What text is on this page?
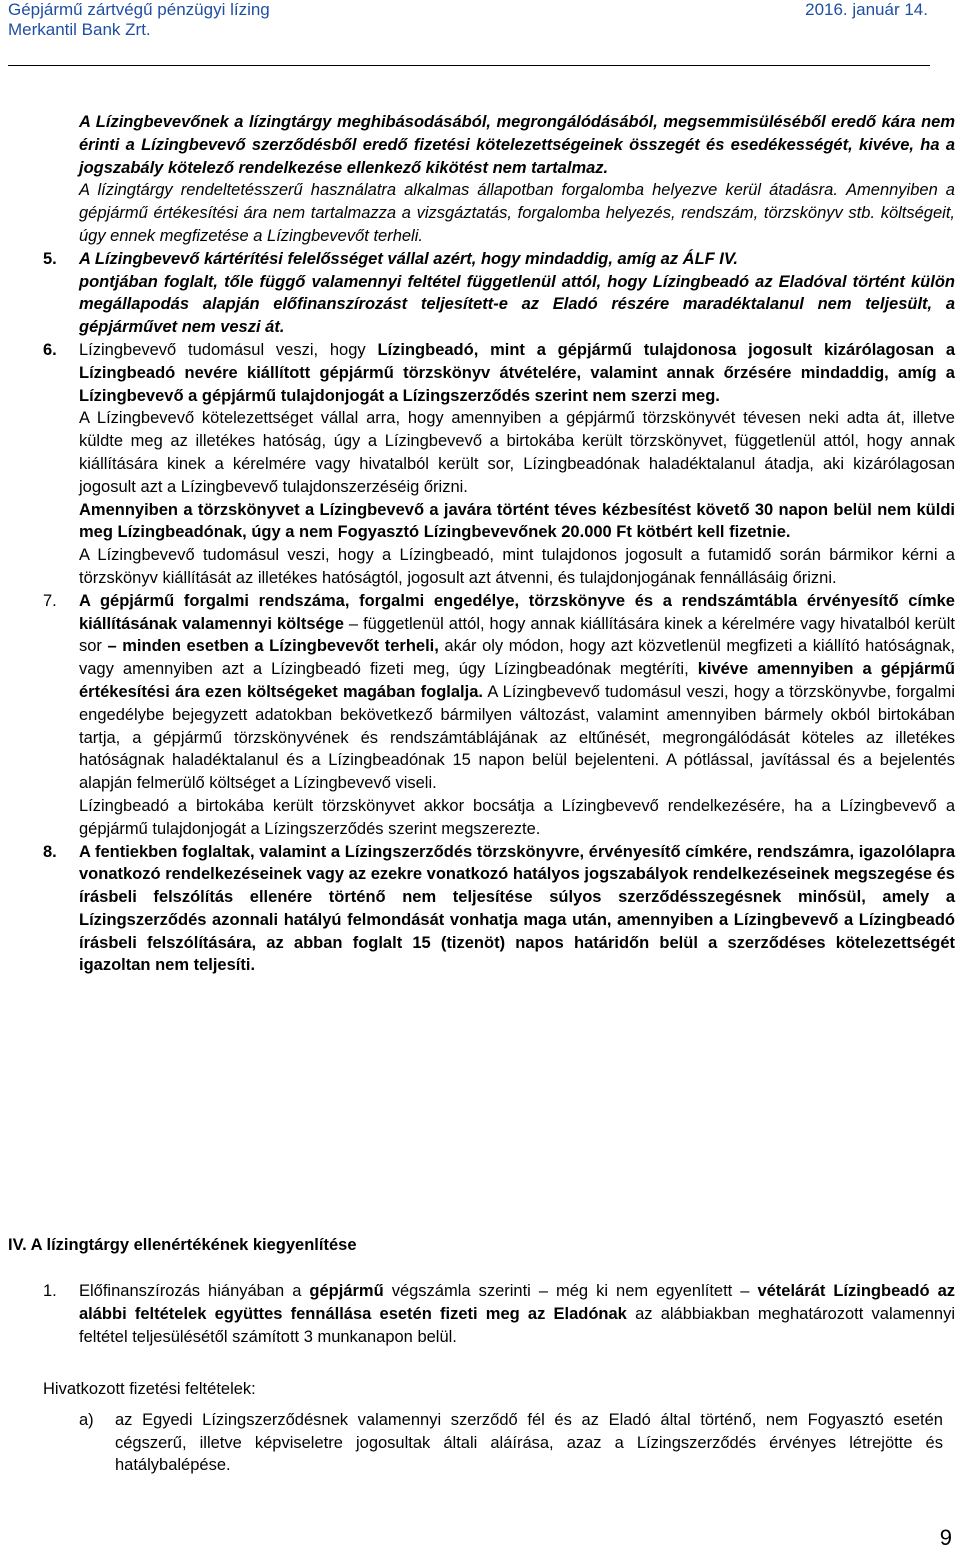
Gépjármű zártvégű pénzügyi lízing	2016. január 14.
Merkantil Bank Zrt.

A Lízingbevevőnek a lízingtárgy meghibásodásából, megrongálódásából, megsemmisüléséből eredő kára nem érinti a Lízingbevevő szerződésből eredő fizetési kötelezettségeinek összegét és esedékességét, kivéve, ha a jogszabály kötelező rendelkezése ellenkező kikötést nem tartalmaz.

A lízingtárgy rendeltetésszerű használatra alkalmas állapotban forgalomba helyezve kerül átadásra. Amennyiben a gépjármű értékesítési ára nem tartalmazza a vizsgáztatás, forgalomba helyezés, rendszám, törzskönyv stb. költségeit, úgy ennek megfizetése a Lízingbevevőt terheli.

5. A Lízingbevevő kártérítési felelősséget vállal azért, hogy mindaddig, amíg az ÁLF IV.

pontjában foglalt, tőle függő valamennyi feltétel függetlenül attól, hogy Lízingbeadó az Eladóval történt külön megállapodás alapján előfinanszírozást teljesített-e az Eladó részére maradéktalanul nem teljesült, a gépjárművet nem veszi át.

6. Lízingbevevő tudomásul veszi, hogy Lízingbeadó, mint a gépjármű tulajdonosa jogosult kizárólagosan a Lízingbeadó nevére kiállított gépjármű törzskönyv átvételére, valamint annak őrzésére mindaddig, amíg a Lízingbevevő a gépjármű tulajdonjogát a Lízingszerződés szerint nem szerzi meg.

A Lízingbevevő kötelezettséget vállal arra, hogy amennyiben a gépjármű törzskönyvét tévesen neki adta át, illetve küldte meg az illetékes hatóság, úgy a Lízingbevevő a birtokába került törzskönyvet, függetlenül attól, hogy annak kiállítására kinek a kérelmére vagy hivatalból került sor, Lízingbeadónak haladéktalanul átadja, aki kizárólagosan jogosult azt a Lízingbevevő tulajdonszerzéséig őrizni.

Amennyiben a törzskönyvet a Lízingbevevő a javára történt téves kézbesítést követő 30 napon belül nem küldi meg Lízingbeadónak, úgy a nem Fogyasztó Lízingbevevőnek 20.000 Ft kötbért kell fizetnie.

A Lízingbevevő tudomásul veszi, hogy a Lízingbeadó, mint tulajdonos jogosult a futamidő során bármikor kérni a törzskönyv kiállítását az illetékes hatóságtól, jogosult azt átvenni, és tulajdonjogának fennállásáig őrizni.

7. A gépjármű forgalmi rendszáma, forgalmi engedélye, törzskönyve és a rendszámtábla érvényesítő címke kiállításának valamennyi költsége – függetlenül attól, hogy annak kiállítására kinek a kérelmére vagy hivatalból került sor – minden esetben a Lízingbevevőt terheli, akár oly módon, hogy azt közvetlenül megfizeti a kiállító hatóságnak, vagy amennyiben azt a Lízingbeadó fizeti meg, úgy Lízingbeadónak megtéríti, kivéve amennyiben a gépjármű értékesítési ára ezen költségeket magában foglalja. A Lízingbevevő tudomásul veszi, hogy a törzskönyvbe, forgalmi engedélybe bejegyzett adatokban bekövetkező bármilyen változást, valamint amennyiben bármely okból birtokában tartja, a gépjármű törzskönyvének és rendszámtáblájának az eltűnését, megrongálódását köteles az illetékes hatóságnak haladéktalanul és a Lízingbeadónak 15 napon belül bejelenteni. A pótlással, javítással és a bejelentés alapján felmerülő költséget a Lízingbevevő viseli.

Lízingbeadó a birtokába került törzskönyvet akkor bocsátja a Lízingbevevő rendelkezésére, ha a Lízingbevevő a gépjármű tulajdonjogát a Lízingszerződés szerint megszerezte.

8. A fentiekben foglaltak, valamint a Lízingszerződés törzskönyvre, érvényesítő címkére, rendszámra, igazolólapra vonatkozó rendelkezéseinek vagy az ezekre vonatkozó hatályos jogszabályok rendelkezéseinek megszegése és írásbeli felszólítás ellenére történő nem teljesítése súlyos szerződésszegésnek minősül, amely a Lízingszerződés azonnali hatályú felmondását vonhatja maga után, amennyiben a Lízingbevevő a Lízingbeadó írásbeli felszólítására, az abban foglalt 15 (tizenöt) napos határidőn belül a szerződéses kötelezettségét igazoltan nem teljesíti.

IV. A lízingtárgy ellenértékének kiegyenlítése
1. Előfinanszírozás hiányában a gépjármű végszámla szerinti – még ki nem egyenlített – vételárát Lízingbeadó az alábbi feltételek együttes fennállása esetén fizeti meg az Eladónak az alábbiakban meghatározott valamennyi feltétel teljesülésétől számított 3 munkanapon belül.

Hivatkozott fizetési feltételek:

a) az Egyedi Lízingszerződésnek valamennyi szerződő fél és az Eladó által történő, nem Fogyasztó esetén cégszerű, illetve képviseletre jogosultak általi aláírása, azaz a Lízingszerződés érvényes létrejötte és hatálybalépése.

9
